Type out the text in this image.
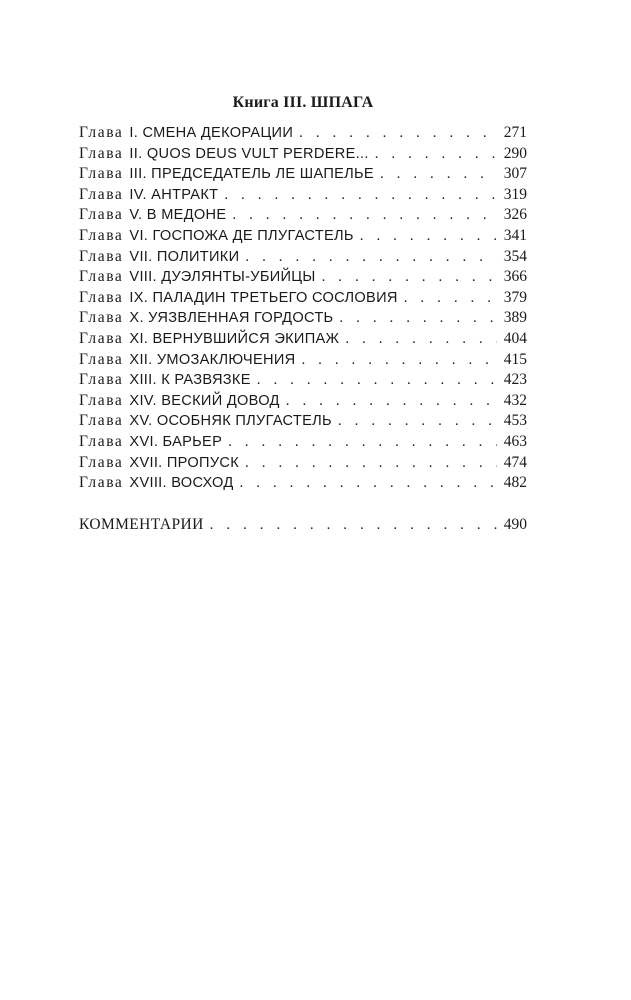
Книга III. ШПАГА
Глава I. СМЕНА ДЕКОРАЦИИ . . .	271
Глава II. QUOS DEUS VULT PERDERE... . . .	290
Глава III. ПРЕДСЕДАТЕЛЬ ЛЕ ШАПЕЛЬЕ . . .	307
Глава IV. АНТРАКТ . . .	319
Глава V. В МЕДОНЕ . . .	326
Глава VI. ГОСПОЖА ДЕ ПЛУГАСТЕЛЬ . . .	341
Глава VII. ПОЛИТИКИ . . .	354
Глава VIII. ДУЭЛЯНТЫ-УБИЙЦЫ . . .	366
Глава IX. ПАЛАДИН ТРЕТЬЕГО СОСЛОВИЯ . . .	379
Глава X. УЯЗВЛЕННАЯ ГОРДОСТЬ . . .	389
Глава XI. ВЕРНУВШИЙСЯ ЭКИПАЖ . . .	404
Глава XII. УМОЗАКЛЮЧЕНИЯ . . .	415
Глава XIII. К РАЗВЯЗКЕ . . .	423
Глава XIV. ВЕСКИЙ ДОВОД . . .	432
Глава XV. ОСОБНЯК ПЛУГАСТЕЛЬ . . .	453
Глава XVI. БАРЬЕР . . .	463
Глава XVII. ПРОПУСК . . .	474
Глава XVIII. ВОСХОД . . .	482
КОММЕНТАРИИ . . .	490
